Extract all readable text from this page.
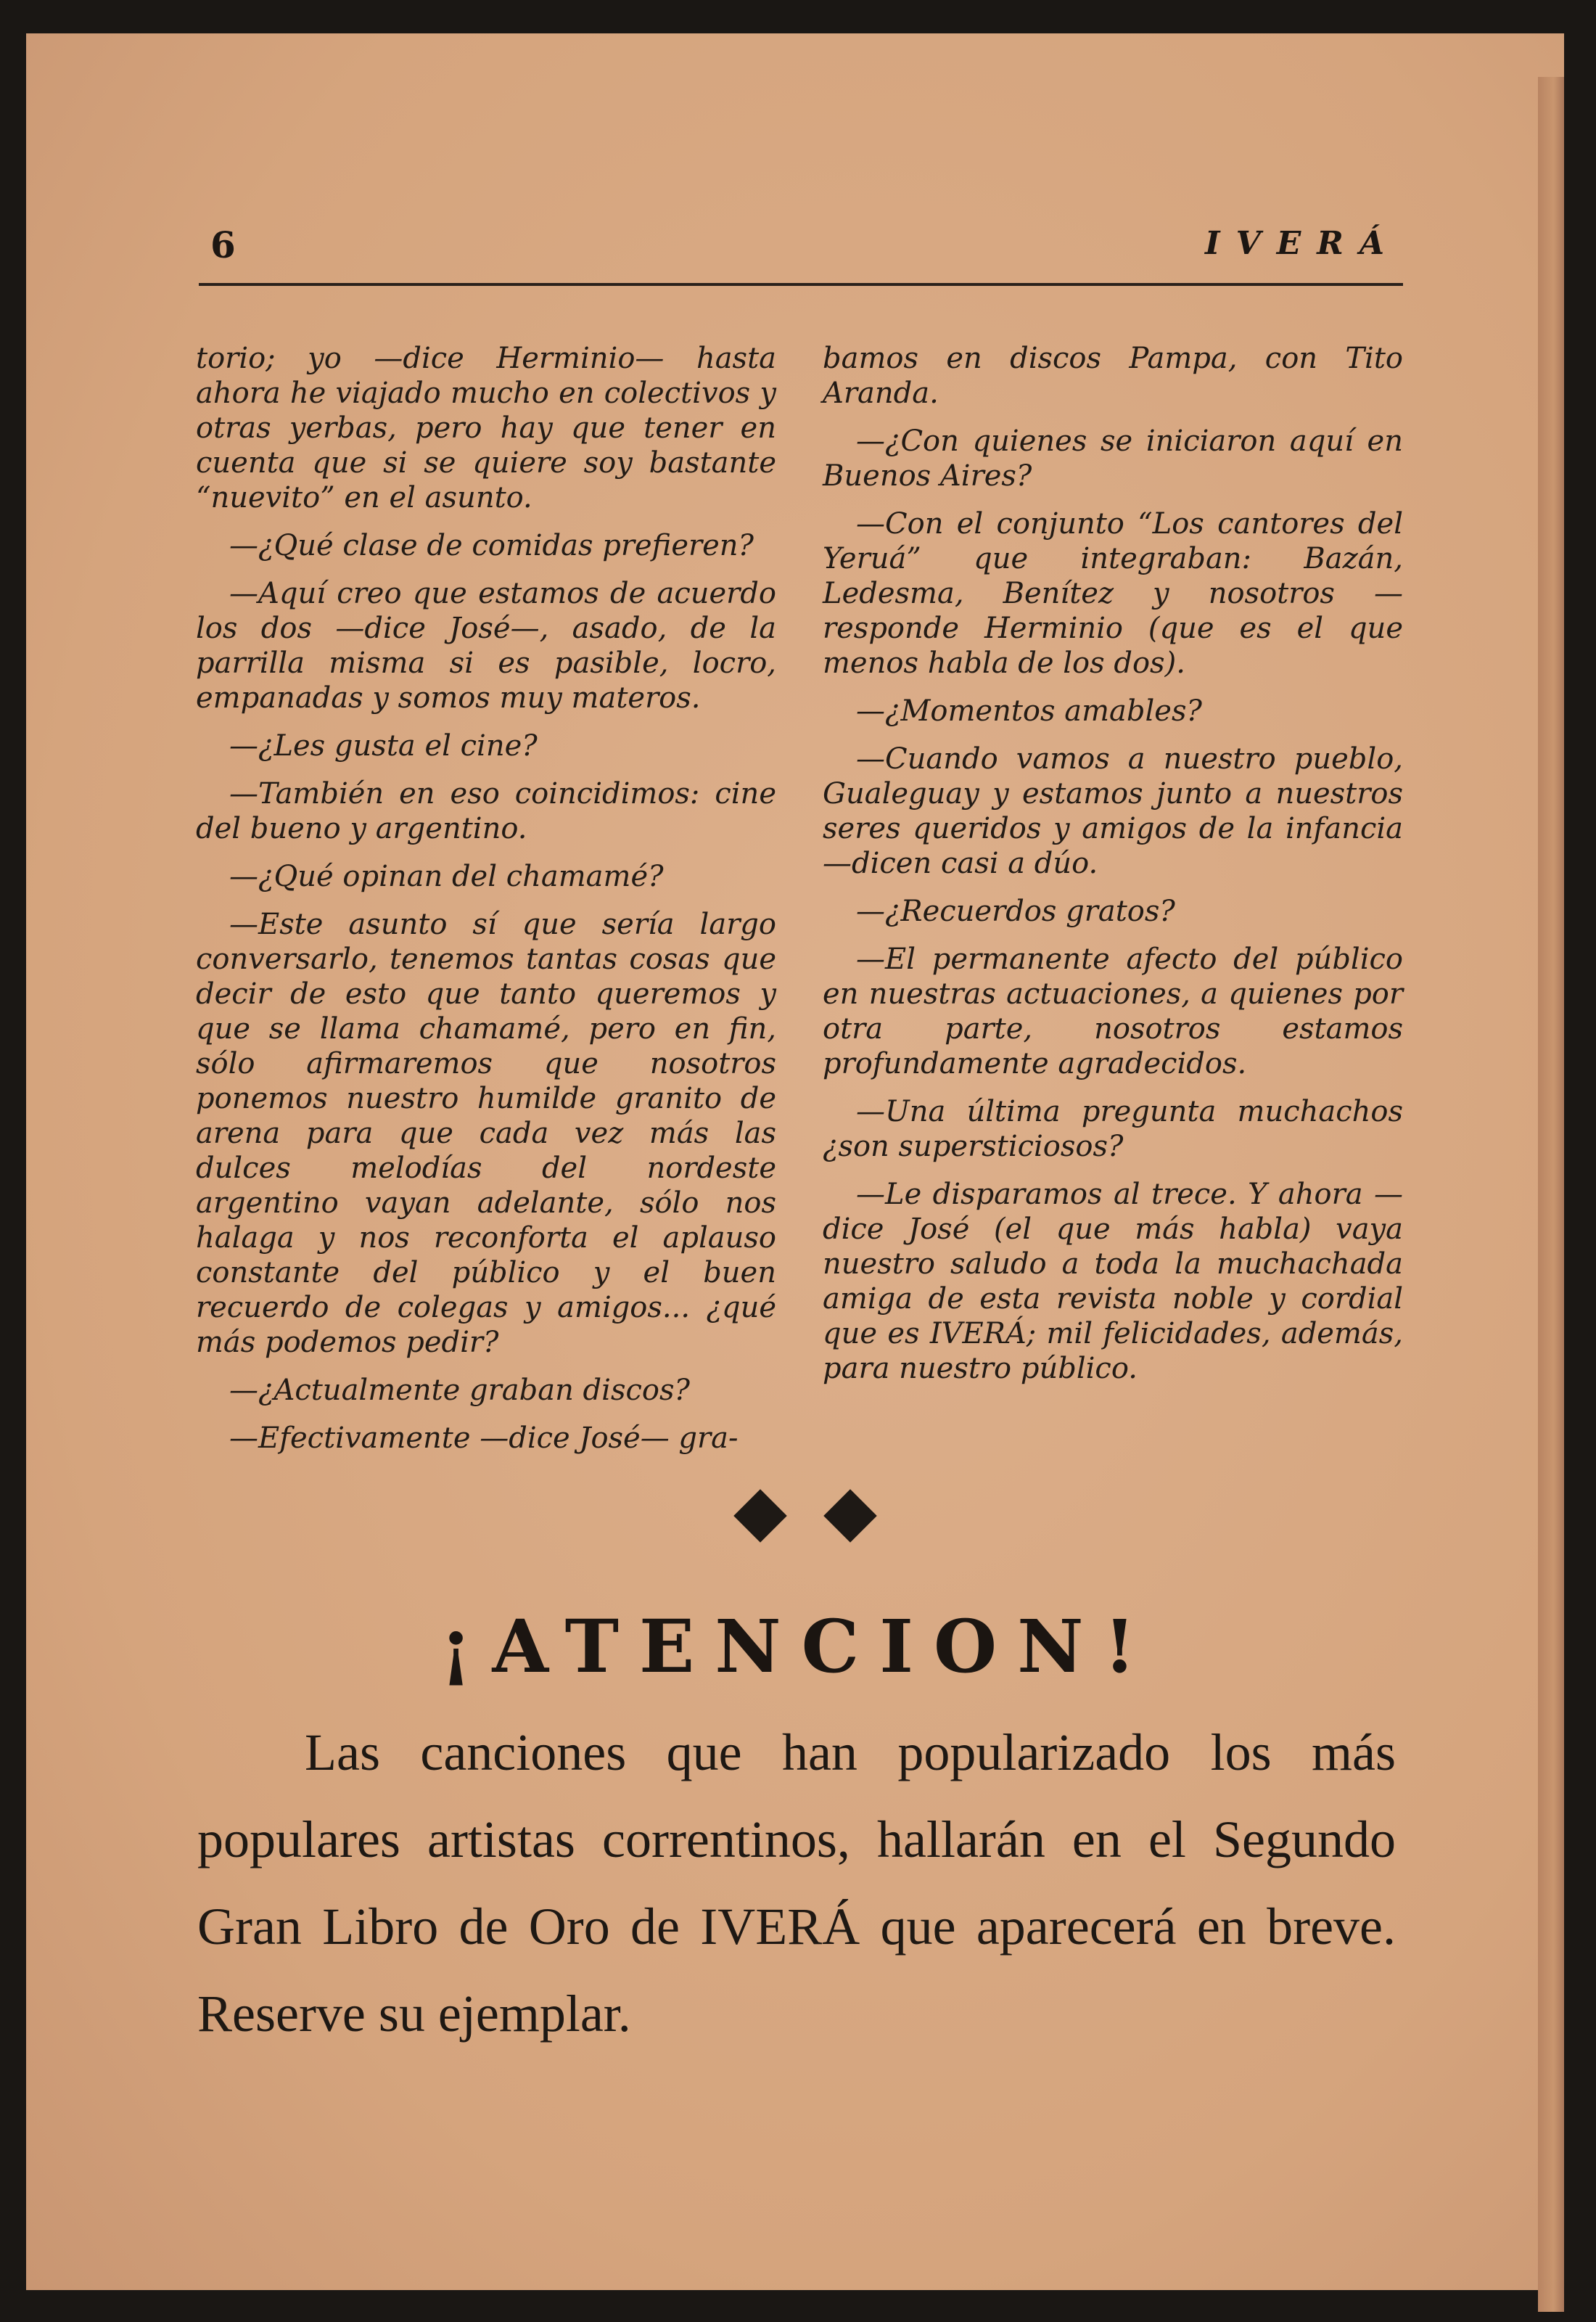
6	IVERÁ

torio; yo —dice Herminio— hasta ahora he viajado mucho en colectivos y otras yerbas, pero hay que tener en cuenta que si se quiere soy bastante “nuevito” en el asunto.

—¿Qué clase de comidas prefieren?

—Aquí creo que estamos de acuerdo los dos —dice José—, asado, de la parrilla misma si es pasible, locro, empanadas y somos muy materos.

—¿Les gusta el cine?

—También en eso coincidimos: cine del bueno y argentino.

—¿Qué opinan del chamamé?

—Este asunto sí que sería largo conversarlo, tenemos tantas cosas que decir de esto que tanto queremos y que se llama chamamé, pero en fin, sólo afirmaremos que nosotros ponemos nuestro humilde granito de arena para que cada vez más las dulces melodías del nordeste argentino vayan adelante, sólo nos halaga y nos reconforta el aplauso constante del público y el buen recuerdo de colegas y amigos... ¿qué más podemos pedir?

—¿Actualmente graban discos?

—Efectivamente —dice José— gra-

bamos en discos Pampa, con Tito Aranda.

—¿Con quienes se iniciaron aquí en Buenos Aires?

—Con el conjunto “Los cantores del Yeruá” que integraban: Bazán, Ledesma, Benítez y nosotros —responde Herminio (que es el que menos habla de los dos).

—¿Momentos amables?

—Cuando vamos a nuestro pueblo, Gualeguay y estamos junto a nuestros seres queridos y amigos de la infancia —dicen casi a dúo.

—¿Recuerdos gratos?

—El permanente afecto del público en nuestras actuaciones, a quienes por otra parte, nosotros estamos profundamente agradecidos.

—Una última pregunta muchachos ¿son supersticiosos?

—Le disparamos al trece. Y ahora —dice José (el que más habla) vaya nuestro saludo a toda la muchachada amiga de esta revista noble y cordial que es IVERÁ; mil felicidades, además, para nuestro público.

¡ATENCION!
Las canciones que han popularizado los más populares artistas correntinos, hallarán en el Segundo Gran Libro de Oro de IVERÁ que aparecerá en breve. Reserve su ejemplar.
